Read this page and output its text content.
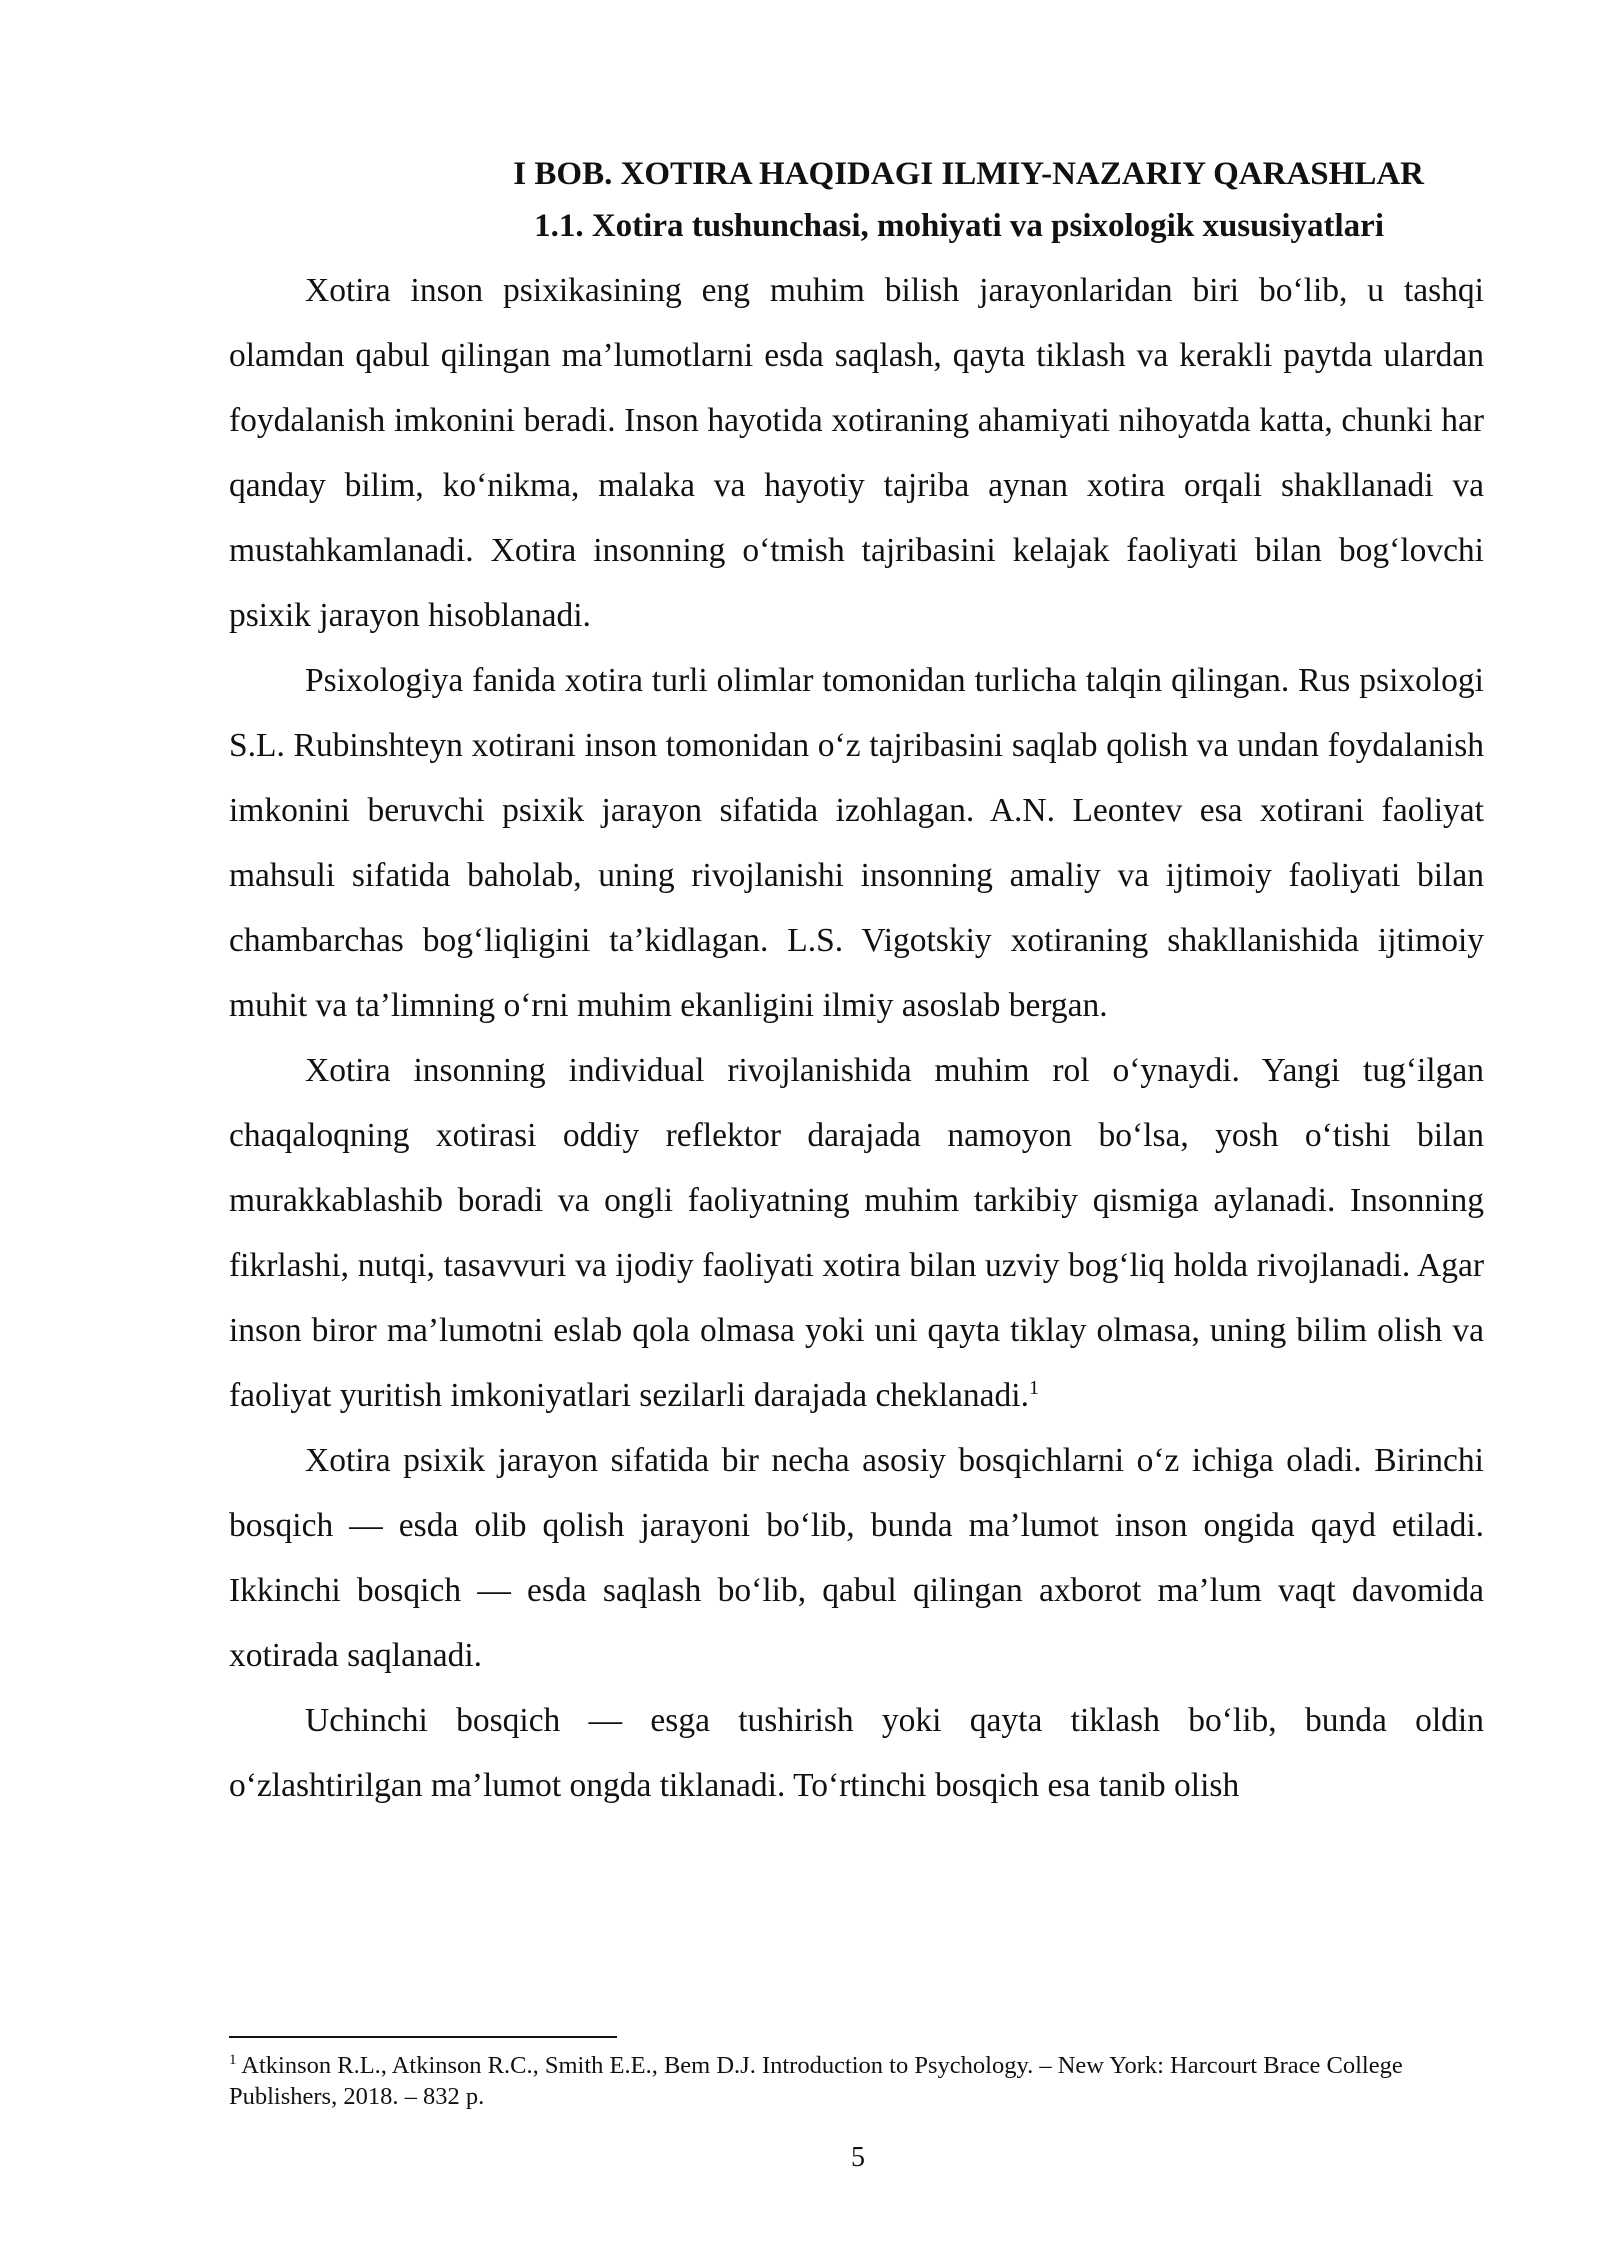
I BOB. XOTIRA HAQIDAGI ILMIY-NAZARIY QARASHLAR
1.1. Xotira tushunchasi, mohiyati va psixologik xususiyatlari

Xotira inson psixikasining eng muhim bilish jarayonlaridan biri bo‘lib, u tashqi olamdan qabul qilingan ma’lumotlarni esda saqlash, qayta tiklash va kerakli paytda ulardan foydalanish imkonini beradi. Inson hayotida xotiraning ahamiyati nihoyatda katta, chunki har qanday bilim, ko‘nikma, malaka va hayotiy tajriba aynan xotira orqali shakllanadi va mustahkamlanadi. Xotira insonning o‘tmish tajribasini kelajak faoliyati bilan bog‘lovchi psixik jarayon hisoblanadi.

Psixologiya fanida xotira turli olimlar tomonidan turlicha talqin qilingan. Rus psixologi S.L. Rubinshteyn xotirani inson tomonidan o‘z tajribasini saqlab qolish va undan foydalanish imkonini beruvchi psixik jarayon sifatida izohlagan. A.N. Leontev esa xotirani faoliyat mahsuli sifatida baholab, uning rivojlanishi insonning amaliy va ijtimoiy faoliyati bilan chambarchas bog‘liqligini ta’kidlagan. L.S. Vigotskiy xotiraning shakllanishida ijtimoiy muhit va ta’limning o‘rni muhim ekanligini ilmiy asoslab bergan.

Xotira insonning individual rivojlanishida muhim rol o‘ynaydi. Yangi tug‘ilgan chaqaloqning xotirasi oddiy reflektor darajada namoyon bo‘lsa, yosh o‘tishi bilan murakkablashib boradi va ongli faoliyatning muhim tarkibiy qismiga aylanadi. Insonning fikrlashi, nutqi, tasavvuri va ijodiy faoliyati xotira bilan uzviy bog‘liq holda rivojlanadi. Agar inson biror ma’lumotni eslab qola olmasa yoki uni qayta tiklay olmasa, uning bilim olish va faoliyat yuritish imkoniyatlari sezilarli darajada cheklanadi.$^1$

Xotira psixik jarayon sifatida bir necha asosiy bosqichlarni o‘z ichiga oladi. Birinchi bosqich — esda olib qolish jarayoni bo‘lib, bunda ma’lumot inson ongida qayd etiladi. Ikkinchi bosqich — esda saqlash bo‘lib, qabul qilingan axborot ma’lum vaqt davomida xotirada saqlanadi.

Uchinchi bosqich — esga tushirish yoki qayta tiklash bo‘lib, bunda oldin o‘zlashtirilgan ma’lumot ongda tiklanadi. To‘rtinchi bosqich esa tanib olish

$^1$ Atkinson R.L., Atkinson R.C., Smith E.E., Bem D.J. Introduction to Psychology. – New York: Harcourt Brace College Publishers, 2018. – 832 p.

5
